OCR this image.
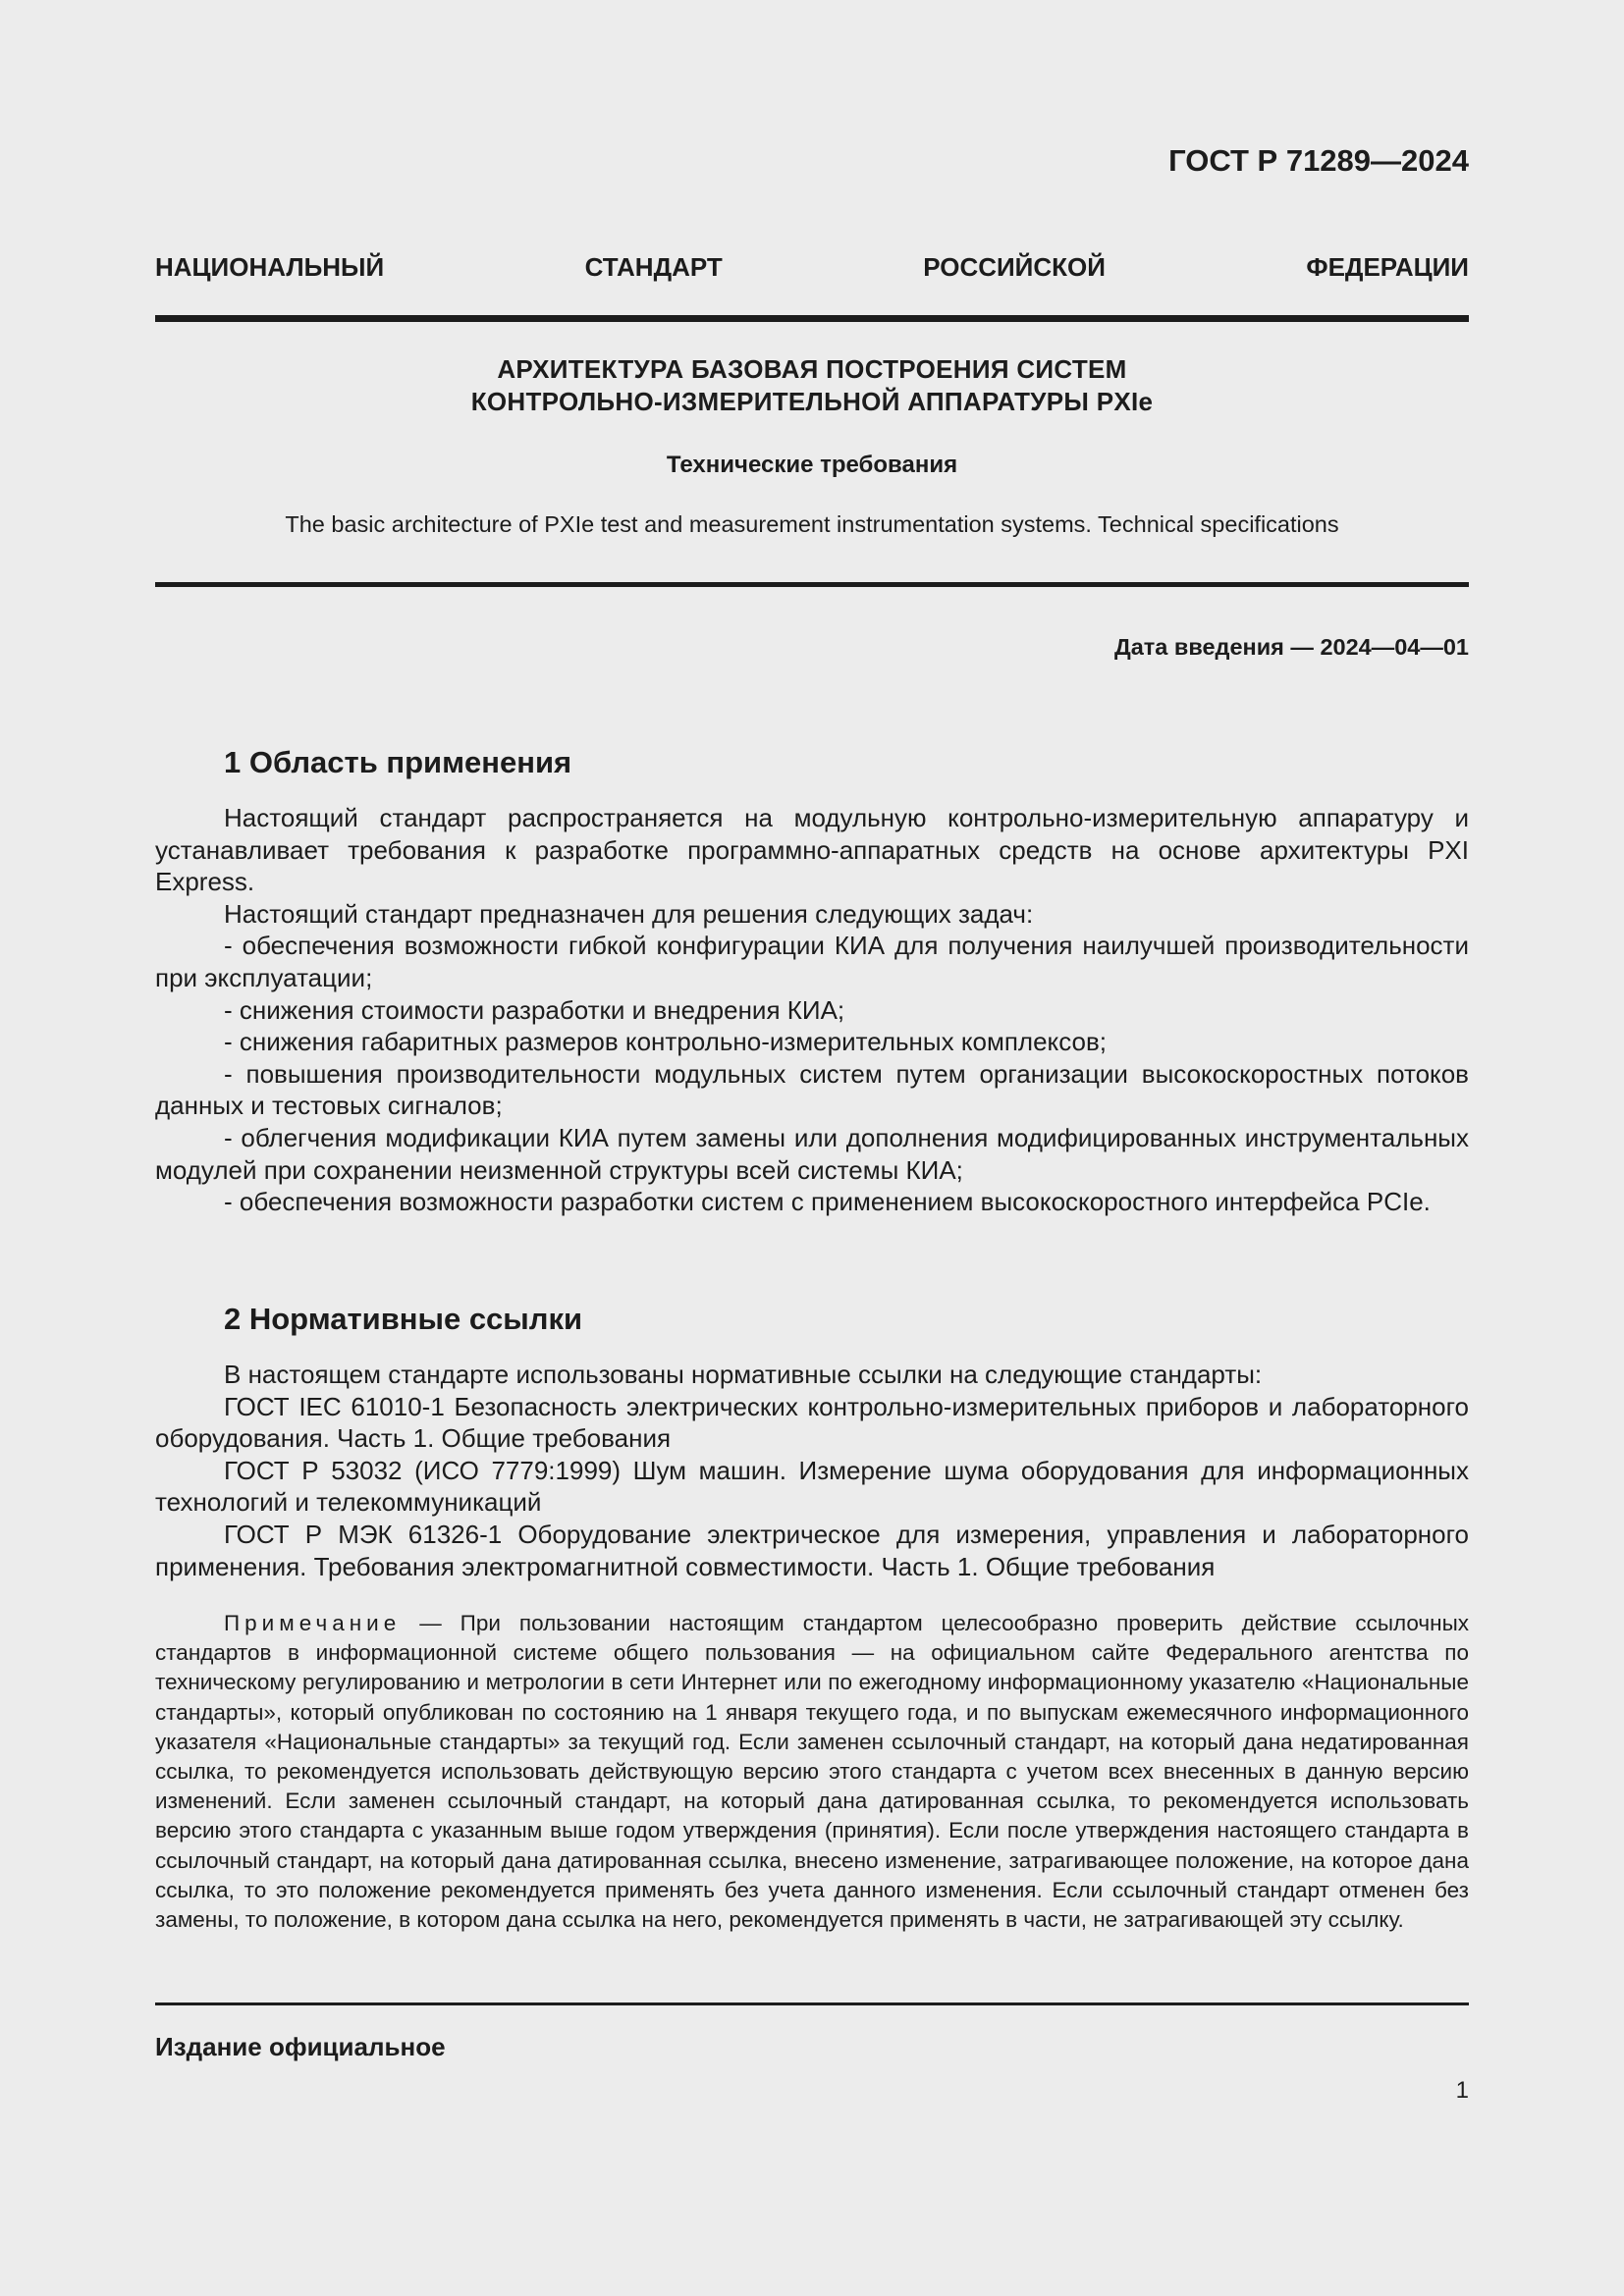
ГОСТ Р 71289—2024
НАЦИОНАЛЬНЫЙ СТАНДАРТ РОССИЙСКОЙ ФЕДЕРАЦИИ
АРХИТЕКТУРА БАЗОВАЯ ПОСТРОЕНИЯ СИСТЕМ
КОНТРОЛЬНО-ИЗМЕРИТЕЛЬНОЙ АППАРАТУРЫ PXIe
Технические требования
The basic architecture of PXIe test and measurement instrumentation systems. Technical specifications
Дата введения — 2024—04—01
1 Область применения

Настоящий стандарт распространяется на модульную контрольно-измерительную аппаратуру и устанавливает требования к разработке программно-аппаратных средств на основе архитектуры PXI Express.

Настоящий стандарт предназначен для решения следующих задач:

- обеспечения возможности гибкой конфигурации КИА для получения наилучшей производительности при эксплуатации;

- снижения стоимости разработки и внедрения КИА;

- снижения габаритных размеров контрольно-измерительных комплексов;

- повышения производительности модульных систем путем организации высокоскоростных потоков данных и тестовых сигналов;

- облегчения модификации КИА путем замены или дополнения модифицированных инструментальных модулей при сохранении неизменной структуры всей системы КИА;

- обеспечения возможности разработки систем с применением высокоскоростного интерфейса PCIe.

2 Нормативные ссылки

В настоящем стандарте использованы нормативные ссылки на следующие стандарты:

ГОСТ IEC 61010-1 Безопасность электрических контрольно-измерительных приборов и лабораторного оборудования. Часть 1. Общие требования

ГОСТ Р 53032 (ИСО 7779:1999) Шум машин. Измерение шума оборудования для информационных технологий и телекоммуникаций

ГОСТ Р МЭК 61326-1 Оборудование электрическое для измерения, управления и лабораторного применения. Требования электромагнитной совместимости. Часть 1. Общие требования

Примечание — При пользовании настоящим стандартом целесообразно проверить действие ссылочных стандартов в информационной системе общего пользования — на официальном сайте Федерального агентства по техническому регулированию и метрологии в сети Интернет или по ежегодному информационному указателю «Национальные стандарты», который опубликован по состоянию на 1 января текущего года, и по выпускам ежемесячного информационного указателя «Национальные стандарты» за текущий год. Если заменен ссылочный стандарт, на который дана недатированная ссылка, то рекомендуется использовать действующую версию этого стандарта с учетом всех внесенных в данную версию изменений. Если заменен ссылочный стандарт, на который дана датированная ссылка, то рекомендуется использовать версию этого стандарта с указанным выше годом утверждения (принятия). Если после утверждения настоящего стандарта в ссылочный стандарт, на который дана датированная ссылка, внесено изменение, затрагивающее положение, на которое дана ссылка, то это положение рекомендуется применять без учета данного изменения. Если ссылочный стандарт отменен без замены, то положение, в котором дана ссылка на него, рекомендуется применять в части, не затрагивающей эту ссылку.

Издание официальное
1
